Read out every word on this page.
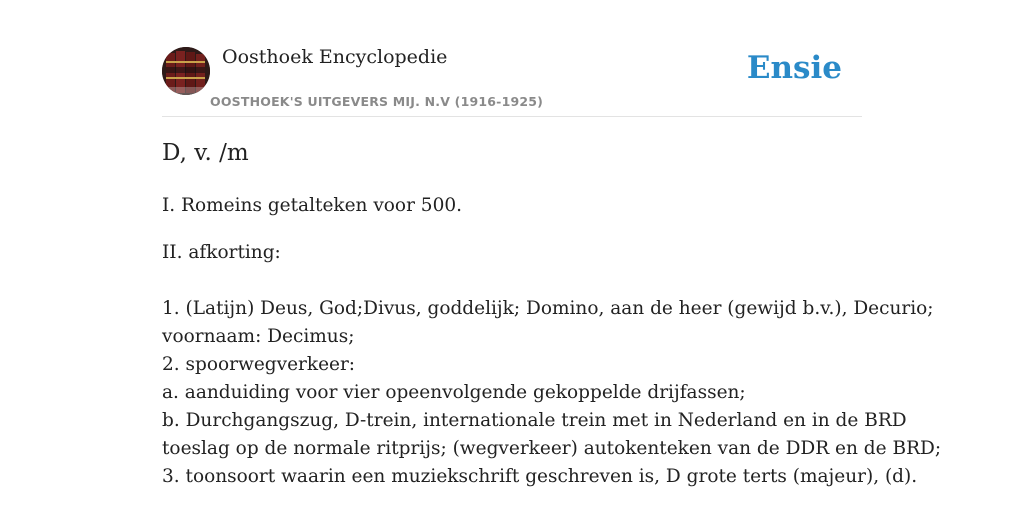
Oosthoek Encyclopedie
OOSTHOEK'S UITGEVERS MIJ. N.V (1916-1925)
Ensie
D, v. /m
I. Romeins getalteken voor 500.
II. afkorting:
1. (Latijn) Deus, God;Divus, goddelijk; Domino, aan de heer (gewijd b.v.), Decurio;
voornaam: Decimus;
2. spoorwegverkeer:
a. aanduiding voor vier opeenvolgende gekoppelde drijfassen;
b. Durchgangszug, D-trein, internationale trein met in Nederland en in de BRD
toeslag op de normale ritprijs; (wegverkeer) autokenteken van de DDR en de BRD;
3. toonsoort waarin een muziekschrift geschreven is, D grote terts (majeur), (d).
